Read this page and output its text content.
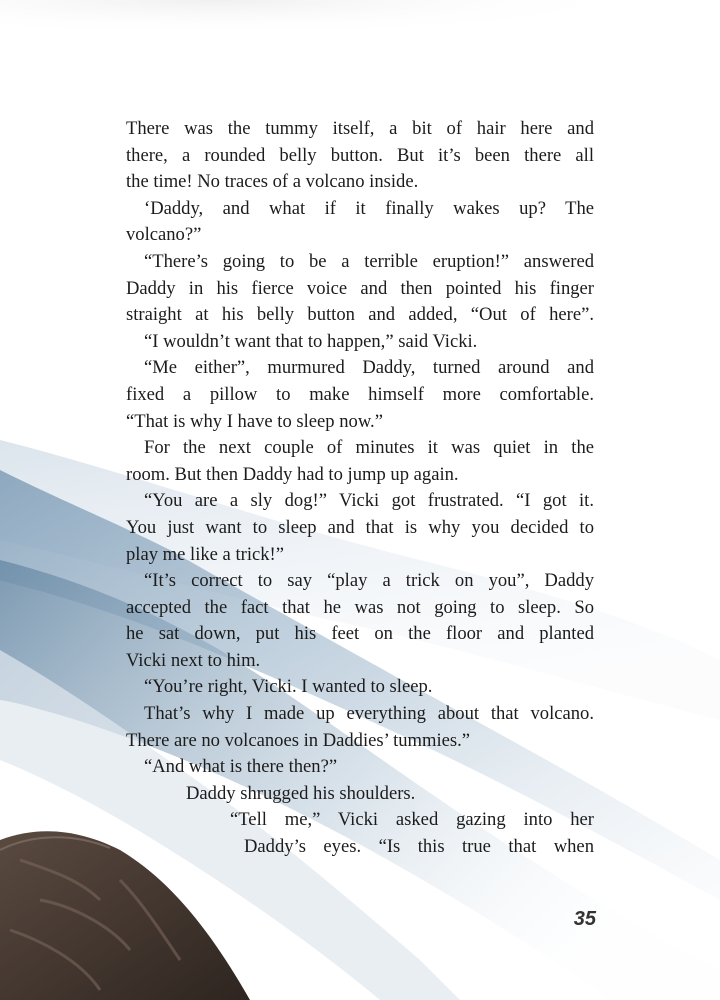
There was the tummy itself, a bit of hair here and
there, a rounded belly button. But it’s been there all
the time! No traces of a volcano inside.
‘Daddy, and what if it finally wakes up? The
volcano?”
“There’s going to be a terrible eruption!” answered
Daddy in his fierce voice and then pointed his finger
straight at his belly button and added, “Out of here”.
“I wouldn’t want that to happen,” said Vicki.
“Me either”, murmured Daddy, turned around and
fixed a pillow to make himself more comfortable.
“That is why I have to sleep now.”
For the next couple of minutes it was quiet in the
room. But then Daddy had to jump up again.
“You are a sly dog!” Vicki got frustrated. “I got it.
You just want to sleep and that is why you decided to
play me like a trick!”
“It’s correct to say “play a trick on you”, Daddy
accepted the fact that he was not going to sleep. So
he sat down, put his feet on the floor and planted
Vicki next to him.
“You’re right, Vicki. I wanted to sleep.
That’s why I made up everything about that volcano.
There are no volcanoes in Daddies’ tummies.”
“And what is there then?”
Daddy shrugged his shoulders.
“Tell me,” Vicki asked gazing into her
Daddy’s eyes. “Is this true that when
35
